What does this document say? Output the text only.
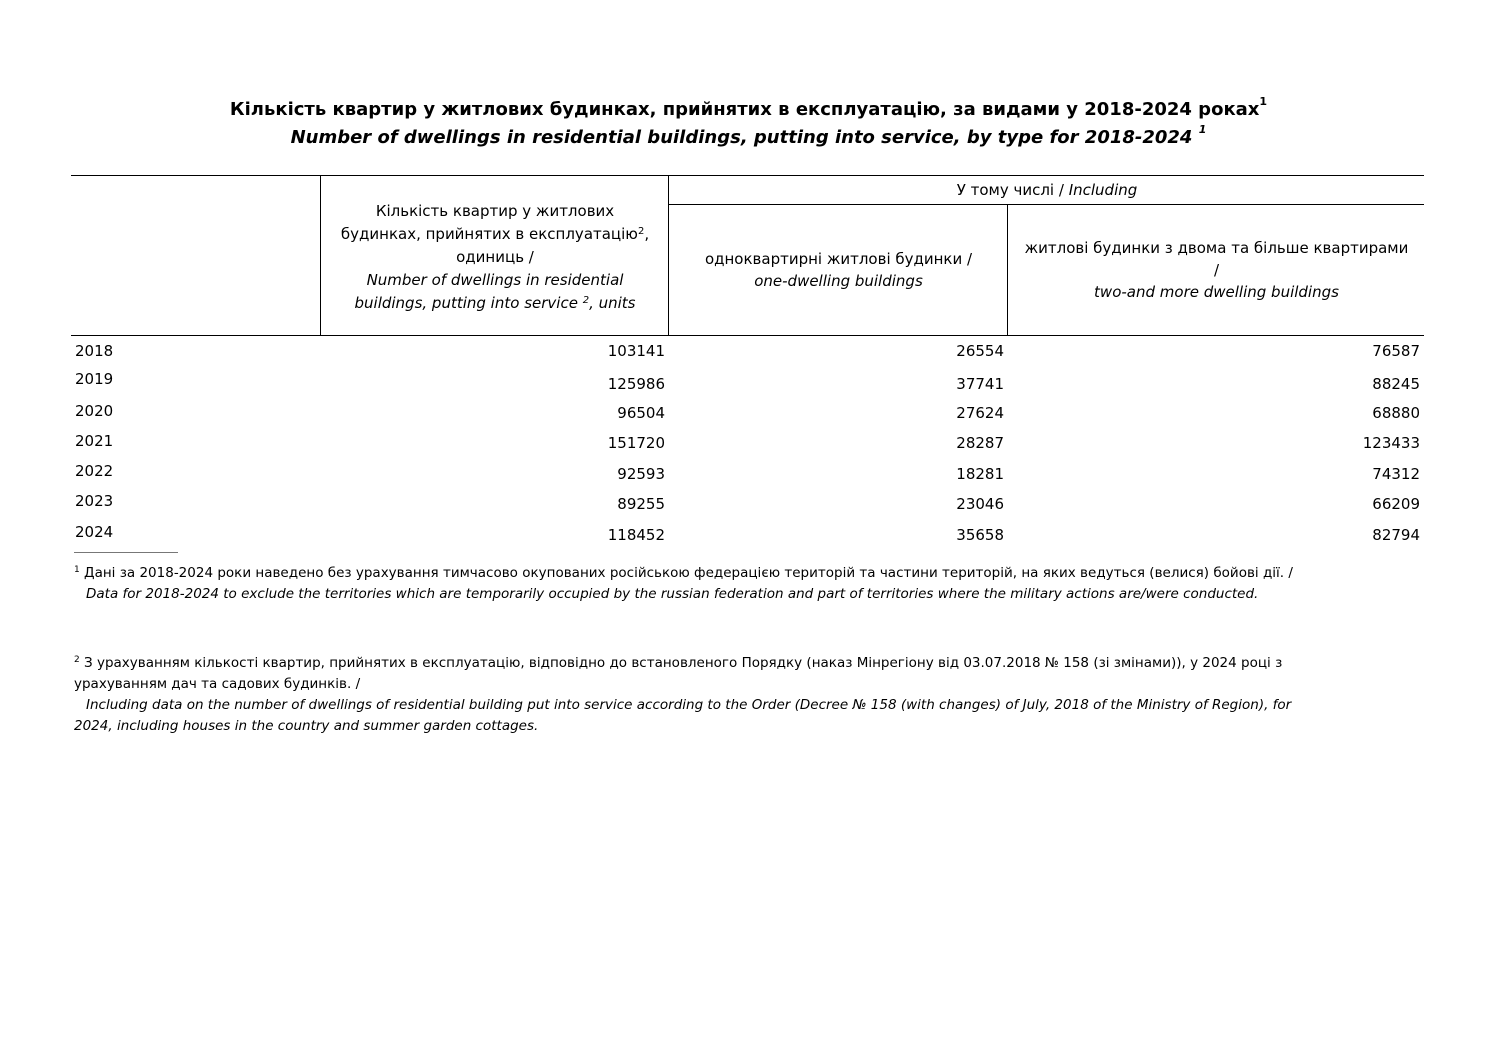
Кількість квартир у житлових будинках, прийнятих в експлуатацію, за видами у 2018-2024 роках$^1$
Number of dwellings in residential buildings, putting into service, by type for 2018-2024 $^1$
Кількість квартир у житлових
будинках, прийнятих в експлуатацію$^2$,
одиниць /
Number of dwellings in residential
buildings, putting into service $^2$, units
У тому числі / Including
одноквартирні житлові будинки /
one-dwelling buildings
житлові будинки з двома та більше квартирами
/
two-and more dwelling buildings
2018	103141	26554	76587
2019	125986	37741	88245
2020	96504	27624	68880
2021	151720	28287	123433
2022	92593	18281	74312
2023	89255	23046	66209
2024	118452	35658	82794
$^1$ Дані за 2018-2024 роки наведено без урахування тимчасово окупованих російською федерацією територій та частини територій, на яких ведуться (велися) бойові дії. /
Data for 2018-2024 to exclude the territories which are temporarily occupied by the russian federation and part of territories where the military actions are/were conducted.
$^2$ З урахуванням кількості квартир, прийнятих в експлуатацію, відповідно до встановленого Порядку (наказ Мінрегіону від 03.07.2018 № 158 (зі змінами)), у 2024 році з
урахуванням дач та садових будинків. /
Including data on the number of dwellings of residential building put into service according to the Order (Decree № 158 (with changes) of July, 2018 of the Ministry of Region), for
2024, including houses in the country and summer garden cottages.
